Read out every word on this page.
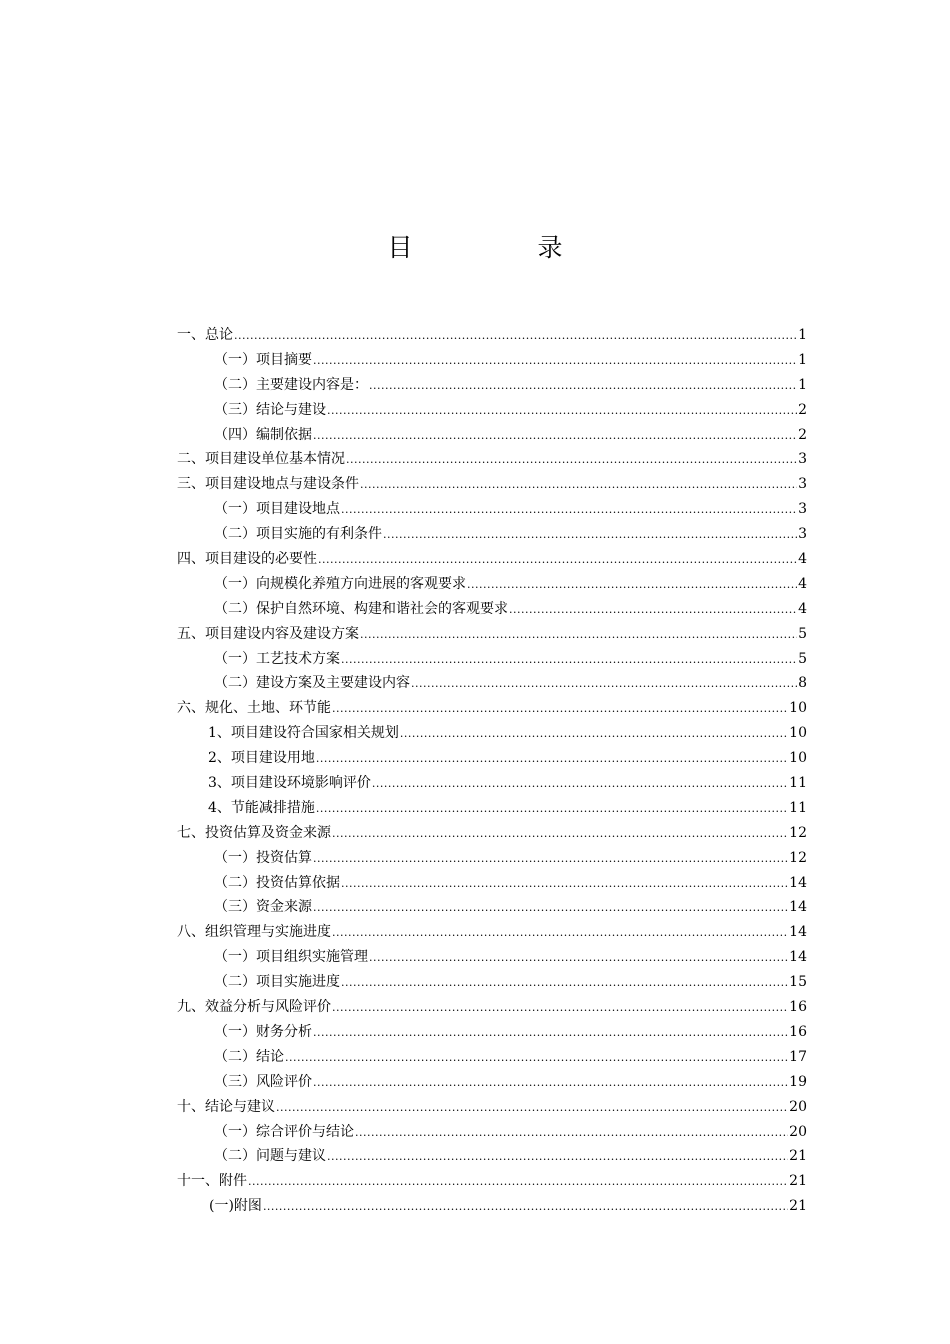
目　录
一、总论 .....	1
（一）项目摘要 .....	1
（二）主要建设内容是： .....	1
（三）结论与建设 .....	2
（四）编制依据 .....	2
二、项目建设单位基本情况 .....	3
三、项目建设地点与建设条件 .....	3
（一）项目建设地点 .....	3
（二）项目实施的有利条件 .....	3
四、项目建设的必要性 .....	4
（一）向规模化养殖方向进展的客观要求 .....	4
（二）保护自然环境、构建和谐社会的客观要求 .....	4
五、项目建设内容及建设方案 .....	5
（一）工艺技术方案 .....	5
（二）建设方案及主要建设内容 .....	8
六、规化、土地、环节能 .....	10
1、项目建设符合国家相关规划 .....	10
2、项目建设用地 .....	10
3、项目建设环境影响评价 .....	11
4、节能减排措施 .....	11
七、投资估算及资金来源 .....	12
（一）投资估算 .....	12
（二）投资估算依据 .....	14
（三）资金来源 .....	14
八、组织管理与实施进度 .....	14
（一）项目组织实施管理 .....	14
（二）项目实施进度 .....	15
九、效益分析与风险评价 .....	16
（一）财务分析 .....	16
（二）结论 .....	17
（三）风险评价 .....	19
十、结论与建议 .....	20
（一）综合评价与结论 .....	20
（二）问题与建议 .....	21
十一、附件 .....	21
(一)附图 .....	21
